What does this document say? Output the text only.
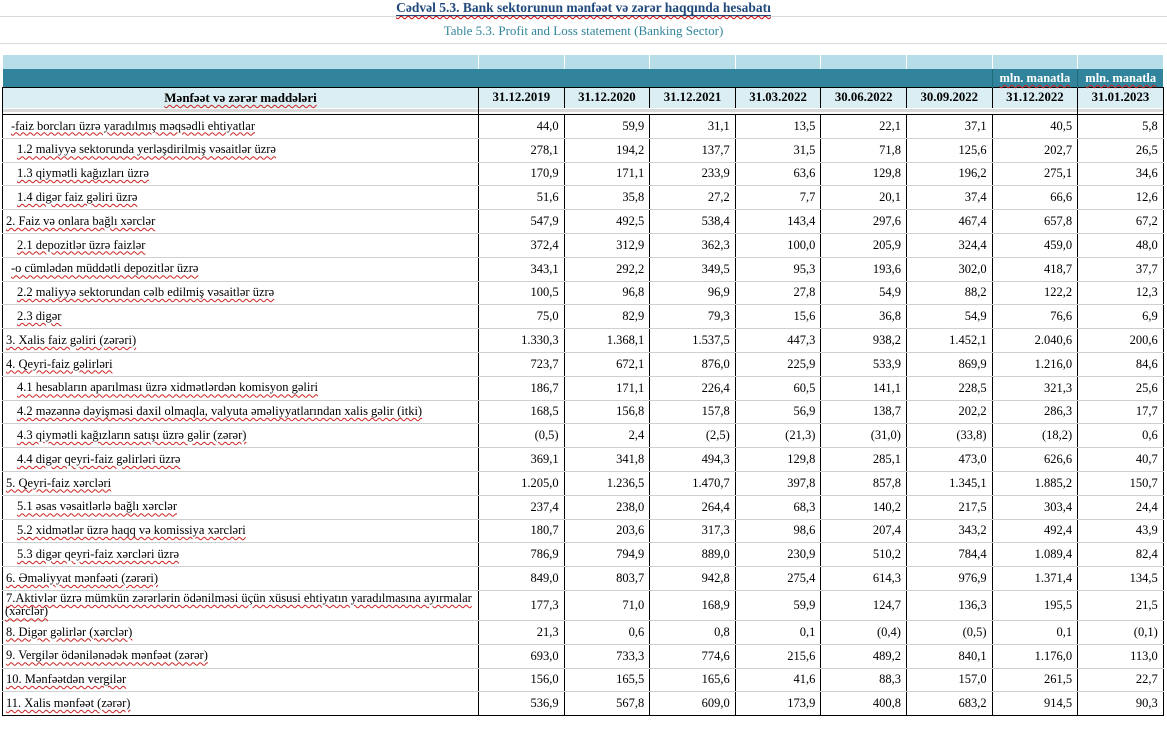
Cədvəl 5.3. Bank sektorunun mənfəət və zərər haqqında hesabatı
Table 5.3. Profit and Loss statement (Banking Sector)

							mln. manatla	mln. manatla
Mənfəət və zərər maddələri	31.12.2019	31.12.2020	31.12.2021	31.03.2022	30.06.2022	30.09.2022	31.12.2022	31.01.2023

-faiz borcları üzrə yaradılmış məqsədli ehtiyatlar	44,0	59,9	31,1	13,5	22,1	37,1	40,5	5,8
1.2 maliyyə sektorunda yerləşdirilmiş vəsaitlər üzrə	278,1	194,2	137,7	31,5	71,8	125,6	202,7	26,5
1.3 qiymətli kağızları üzrə	170,9	171,1	233,9	63,6	129,8	196,2	275,1	34,6
1.4 digər faiz gəliri üzrə	51,6	35,8	27,2	7,7	20,1	37,4	66,6	12,6
2. Faiz və onlara bağlı xərclər	547,9	492,5	538,4	143,4	297,6	467,4	657,8	67,2
2.1 depozitlər üzrə faizlər	372,4	312,9	362,3	100,0	205,9	324,4	459,0	48,0
-o cümlədən müddətli depozitlər üzrə	343,1	292,2	349,5	95,3	193,6	302,0	418,7	37,7
2.2 maliyyə sektorundan cəlb edilmiş vəsaitlər üzrə	100,5	96,8	96,9	27,8	54,9	88,2	122,2	12,3
2.3 digər	75,0	82,9	79,3	15,6	36,8	54,9	76,6	6,9
3. Xalis faiz gəliri (zərəri)	1.330,3	1.368,1	1.537,5	447,3	938,2	1.452,1	2.040,6	200,6
4. Qeyri-faiz gəlirləri	723,7	672,1	876,0	225,9	533,9	869,9	1.216,0	84,6
4.1 hesabların aparılması üzrə xidmətlərdən komisyon gəliri	186,7	171,1	226,4	60,5	141,1	228,5	321,3	25,6
4.2 məzənnə dəyişməsi daxil olmaqla, valyuta əməliyyatlarından xalis gəlir (itki)	168,5	156,8	157,8	56,9	138,7	202,2	286,3	17,7
4.3 qiymətli kağızların satışı üzrə gəlir (zərər)	(0,5)	2,4	(2,5)	(21,3)	(31,0)	(33,8)	(18,2)	0,6
4.4 digər qeyri-faiz gəlirləri üzrə	369,1	341,8	494,3	129,8	285,1	473,0	626,6	40,7
5. Qeyri-faiz xərcləri	1.205,0	1.236,5	1.470,7	397,8	857,8	1.345,1	1.885,2	150,7
5.1 əsas vəsaitlərlə bağlı xərclər	237,4	238,0	264,4	68,3	140,2	217,5	303,4	24,4
5.2 xidmətlər üzrə haqq və komissiya xərcləri	180,7	203,6	317,3	98,6	207,4	343,2	492,4	43,9
5.3 digər qeyri-faiz xərcləri üzrə	786,9	794,9	889,0	230,9	510,2	784,4	1.089,4	82,4
6. Əməliyyat mənfəəti (zərəri)	849,0	803,7	942,8	275,4	614,3	976,9	1.371,4	134,5
7.Aktivlər üzrə mümkün zərərlərin ödənilməsi üçün xüsusi ehtiyatın yaradılmasına ayırmalar (xərclər)	177,3	71,0	168,9	59,9	124,7	136,3	195,5	21,5
8. Digər gəlirlər (xərclər)	21,3	0,6	0,8	0,1	(0,4)	(0,5)	0,1	(0,1)
9. Vergilər ödənilənədək mənfəət (zərər)	693,0	733,3	774,6	215,6	489,2	840,1	1.176,0	113,0
10. Mənfəətdən vergilər	156,0	165,5	165,6	41,6	88,3	157,0	261,5	22,7
11. Xalis mənfəət (zərər)	536,9	567,8	609,0	173,9	400,8	683,2	914,5	90,3
